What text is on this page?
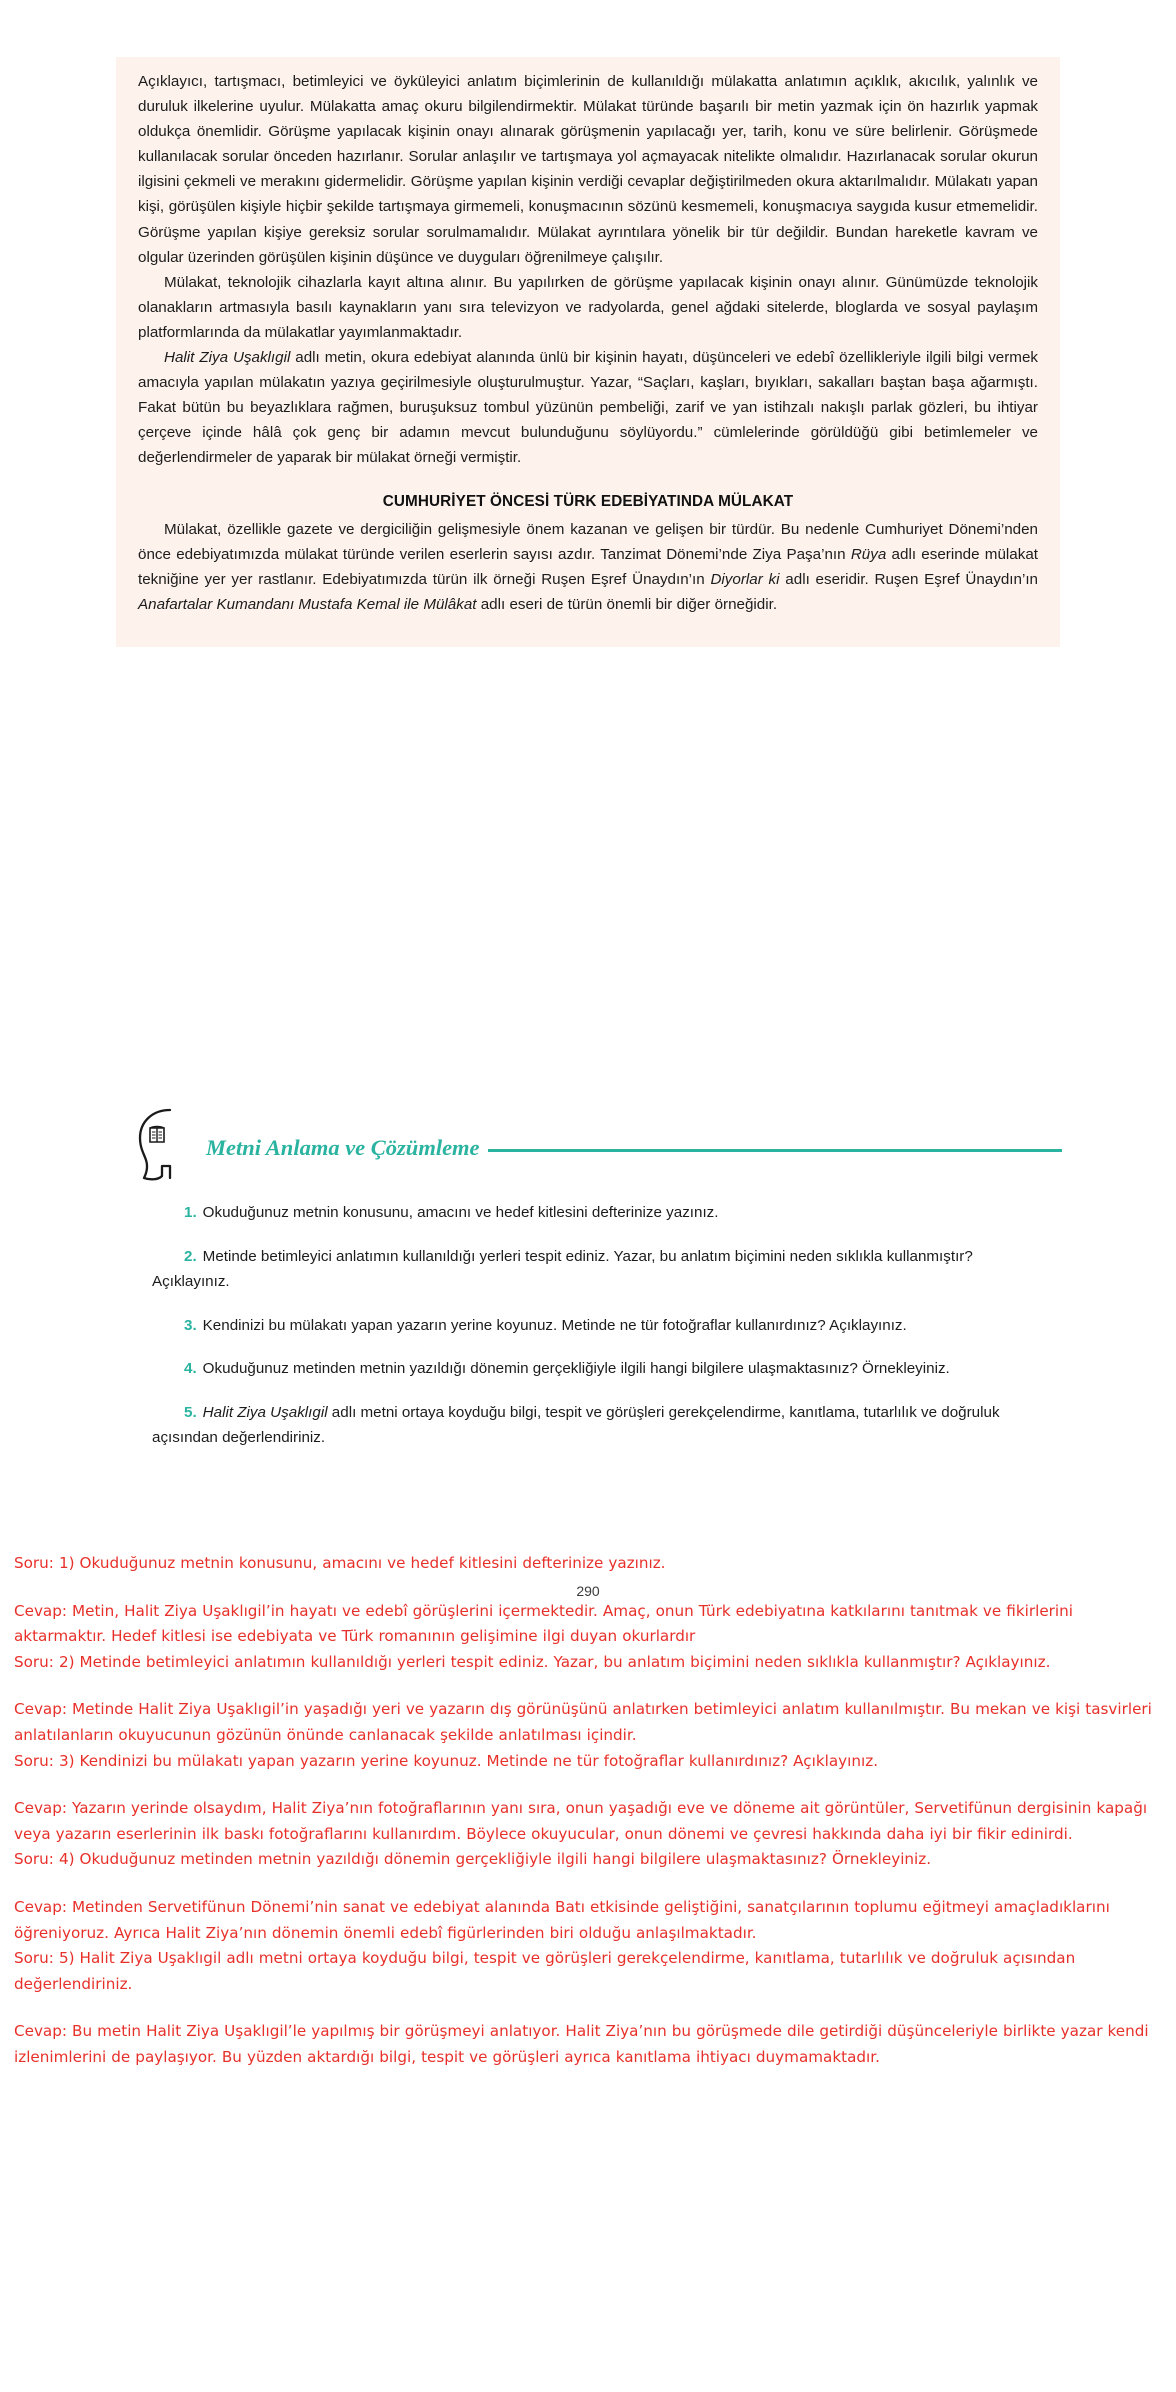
Açıklayıcı, tartışmacı, betimleyici ve öyküleyici anlatım biçimlerinin de kullanıldığı mülakatta anlatımın açıklık, akıcılık, yalınlık ve duruluk ilkelerine uyulur. Mülakatta amaç okuru bilgilendirmektir. Mülakat türünde başarılı bir metin yazmak için ön hazırlık yapmak oldukça önemlidir. Görüşme yapılacak kişinin onayı alınarak görüşmenin yapılacağı yer, tarih, konu ve süre belirlenir. Görüşmede kullanılacak sorular önceden hazırlanır. Sorular anlaşılır ve tartışmaya yol açmayacak nitelikte olmalıdır. Hazırlanacak sorular okurun ilgisini çekmeli ve merakını gidermelidir. Görüşme yapılan kişinin verdiği cevaplar değiştirilmeden okura aktarılmalıdır. Mülakatı yapan kişi, görüşülen kişiyle hiçbir şekilde tartışmaya girmemeli, konuşmacının sözünü kesmemeli, konuşmacıya saygıda kusur etmemelidir. Görüşme yapılan kişiye gereksiz sorular sorulmamalıdır. Mülakat ayrıntılara yönelik bir tür değildir. Bundan hareketle kavram ve olgular üzerinden görüşülen kişinin düşünce ve duyguları öğrenilmeye çalışılır.

Mülakat, teknolojik cihazlarla kayıt altına alınır. Bu yapılırken de görüşme yapılacak kişinin onayı alınır. Günümüzde teknolojik olanakların artmasıyla basılı kaynakların yanı sıra televizyon ve radyolarda, genel ağdaki sitelerde, bloglarda ve sosyal paylaşım platformlarında da mülakatlar yayımlanmaktadır.

Halit Ziya Uşaklıgil adlı metin, okura edebiyat alanında ünlü bir kişinin hayatı, düşünceleri ve edebî özellikleriyle ilgili bilgi vermek amacıyla yapılan mülakatın yazıya geçirilmesiyle oluşturulmuştur. Yazar, “Saçları, kaşları, bıyıkları, sakalları baştan başa ağarmıştı. Fakat bütün bu beyazlıklara rağmen, buruşuksuz tombul yüzünün pembeliği, zarif ve yan istihzalı nakışlı parlak gözleri, bu ihtiyar çerçeve içinde hâlâ çok genç bir adamın mevcut bulunduğunu söylüyordu.” cümlelerinde görüldüğü gibi betimlemeler ve değerlendirmeler de yaparak bir mülakat örneği vermiştir.

CUMHURİYET ÖNCESİ TÜRK EDEBİYATINDA MÜLAKAT

Mülakat, özellikle gazete ve dergiciliğin gelişmesiyle önem kazanan ve gelişen bir türdür. Bu nedenle Cumhuriyet Dönemi’nden önce edebiyatımızda mülakat türünde verilen eserlerin sayısı azdır. Tanzimat Dönemi’nde Ziya Paşa’nın Rüya adlı eserinde mülakat tekniğine yer yer rastlanır. Edebiyatımızda türün ilk örneği Ruşen Eşref Ünaydın’ın Diyorlar ki adlı eseridir. Ruşen Eşref Ünaydın’ın Anafartalar Kumandanı Mustafa Kemal ile Mülâkat adlı eseri de türün önemli bir diğer örneğidir.

Metni Anlama ve Çözümleme
1. Okuduğunuz metnin konusunu, amacını ve hedef kitlesini defterinize yazınız.
2. Metinde betimleyici anlatımın kullanıldığı yerleri tespit ediniz. Yazar, bu anlatım biçimini neden sıklıkla kullanmıştır? Açıklayınız.
3. Kendinizi bu mülakatı yapan yazarın yerine koyunuz. Metinde ne tür fotoğraflar kullanırdınız? Açıklayınız.
4. Okuduğunuz metinden metnin yazıldığı dönemin gerçekliğiyle ilgili hangi bilgilere ulaşmaktasınız? Örnekleyiniz.
5. Halit Ziya Uşaklıgil adlı metni ortaya koyduğu bilgi, tespit ve görüşleri gerekçelendirme, kanıtlama, tutarlılık ve doğruluk açısından değerlendiriniz.
290
Soru: 1) Okuduğunuz metnin konusunu, amacını ve hedef kitlesini defterinize yazınız.
Cevap: Metin, Halit Ziya Uşaklıgil’in hayatı ve edebî görüşlerini içermektedir. Amaç, onun Türk edebiyatına katkılarını tanıtmak ve fikirlerini aktarmaktır. Hedef kitlesi ise edebiyata ve Türk romanının gelişimine ilgi duyan okurlardır
Soru: 2) Metinde betimleyici anlatımın kullanıldığı yerleri tespit ediniz. Yazar, bu anlatım biçimini neden sıklıkla kullanmıştır? Açıklayınız.
Cevap: Metinde Halit Ziya Uşaklıgil’in yaşadığı yeri ve yazarın dış görünüşünü anlatırken betimleyici anlatım kullanılmıştır. Bu mekan ve kişi tasvirleri anlatılanların okuyucunun gözünün önünde canlanacak şekilde anlatılması içindir.
Soru: 3) Kendinizi bu mülakatı yapan yazarın yerine koyunuz. Metinde ne tür fotoğraflar kullanırdınız? Açıklayınız.
Cevap: Yazarın yerinde olsaydım, Halit Ziya’nın fotoğraflarının yanı sıra, onun yaşadığı eve ve döneme ait görüntüler, Servetifünun dergisinin kapağı veya yazarın eserlerinin ilk baskı fotoğraflarını kullanırdım. Böylece okuyucular, onun dönemi ve çevresi hakkında daha iyi bir fikir edinirdi.
Soru: 4) Okuduğunuz metinden metnin yazıldığı dönemin gerçekliğiyle ilgili hangi bilgilere ulaşmaktasınız? Örnekleyiniz.
Cevap: Metinden Servetifünun Dönemi’nin sanat ve edebiyat alanında Batı etkisinde geliştiğini, sanatçılarının toplumu eğitmeyi amaçladıklarını öğreniyoruz. Ayrıca Halit Ziya’nın dönemin önemli edebî figürlerinden biri olduğu anlaşılmaktadır.
Soru: 5) Halit Ziya Uşaklıgil adlı metni ortaya koyduğu bilgi, tespit ve görüşleri gerekçelendirme, kanıtlama, tutarlılık ve doğruluk açısından değerlendiriniz.
Cevap: Bu metin Halit Ziya Uşaklıgil’le yapılmış bir görüşmeyi anlatıyor. Halit Ziya’nın bu görüşmede dile getirdiği düşünceleriyle birlikte yazar kendi izlenimlerini de paylaşıyor. Bu yüzden aktardığı bilgi, tespit ve görüşleri ayrıca kanıtlama ihtiyacı duymamaktadır.
